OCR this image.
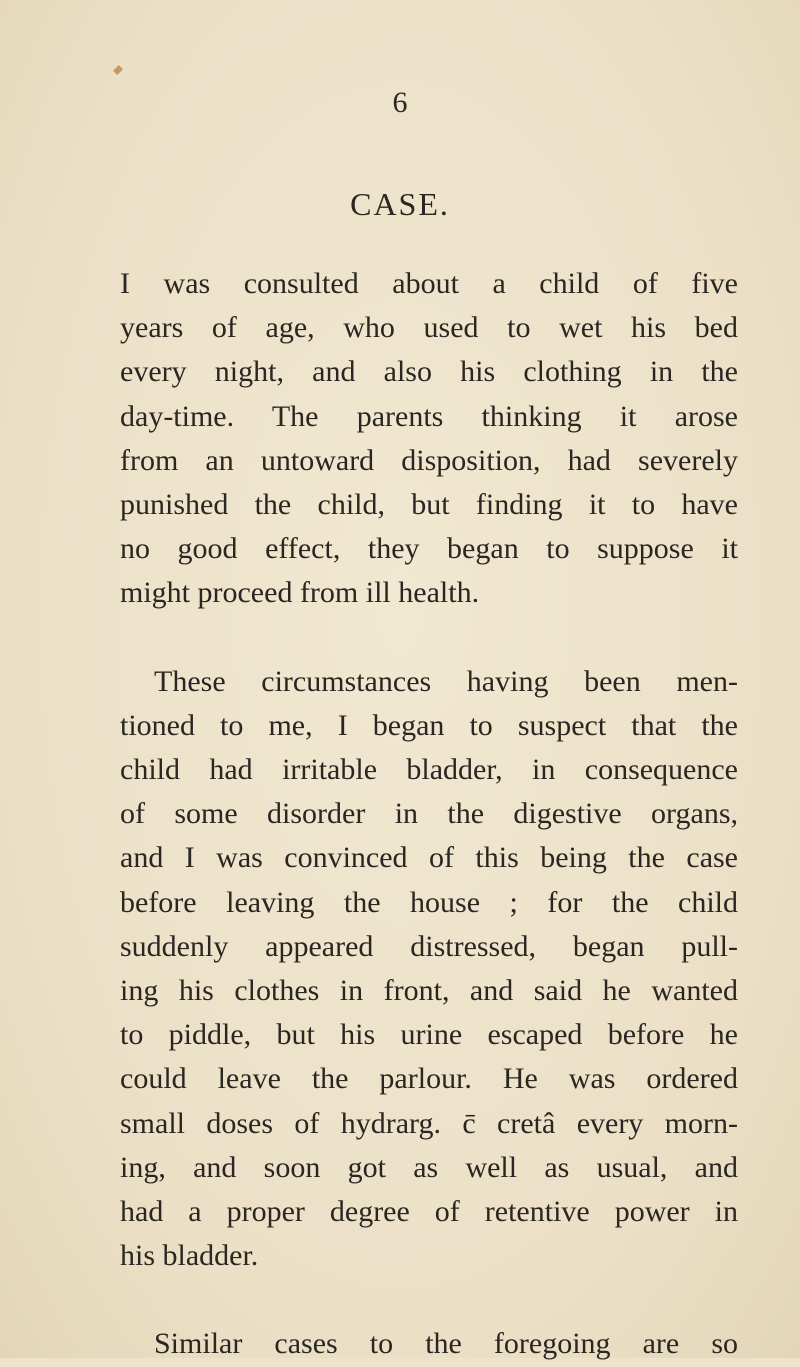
6
CASE.

I was consulted about a child of five
years of age, who used to wet his bed
every night, and also his clothing in the
day-time. The parents thinking it arose
from an untoward disposition, had severely
punished the child, but finding it to have
no good effect, they began to suppose it
might proceed from ill health.

These circumstances having been men-
tioned to me, I began to suspect that the
child had irritable bladder, in consequence
of some disorder in the digestive organs,
and I was convinced of this being the case
before leaving the house ; for the child
suddenly appeared distressed, began pull-
ing his clothes in front, and said he wanted
to piddle, but his urine escaped before he
could leave the parlour. He was ordered
small doses of hydrarg. c̄ cretâ every morn-
ing, and soon got as well as usual, and
had a proper degree of retentive power in
his bladder.

Similar cases to the foregoing are so
